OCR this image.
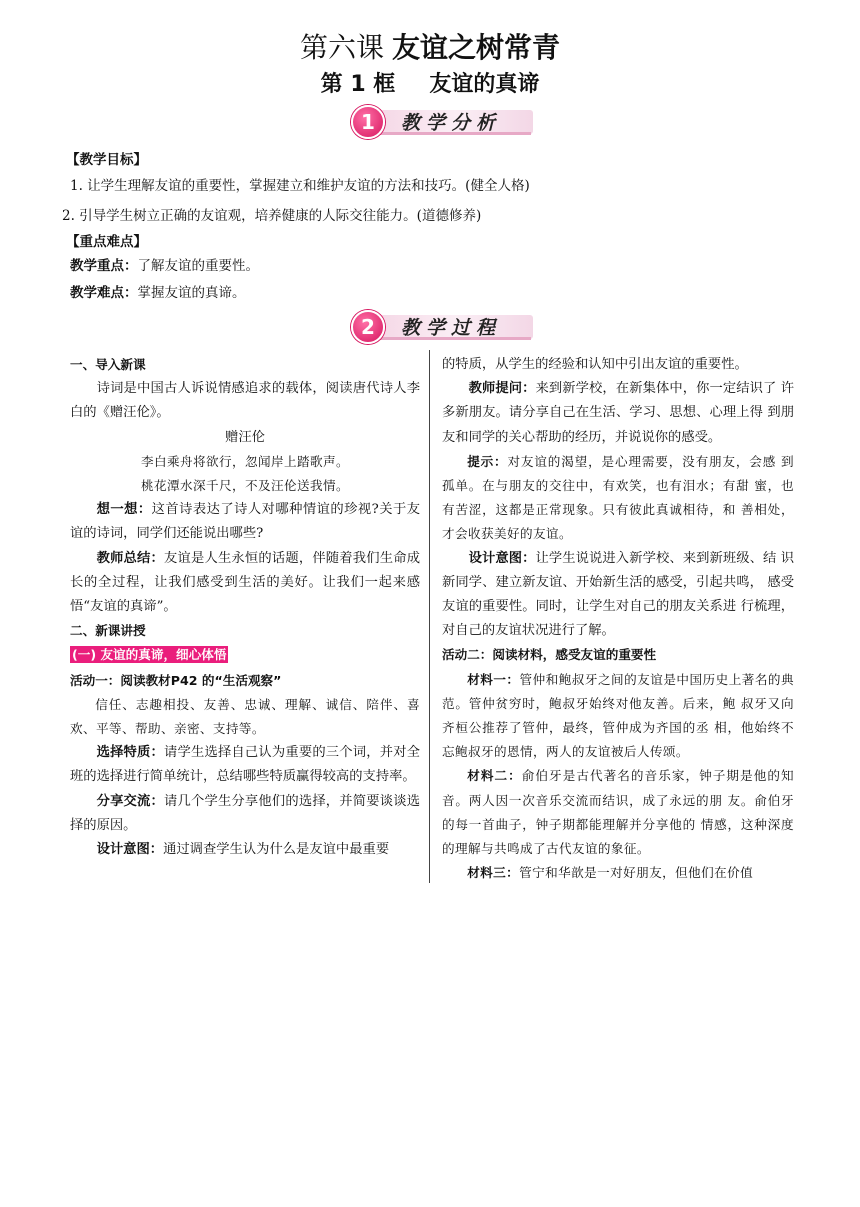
第六课 友谊之树常青
第 1 框 友谊的真谛
1	教学分析
【教学目标】
1. 让学生理解友谊的重要性，掌握建立和维护友谊的方法和技巧。(健全人格)
2. 引导学生树立正确的友谊观，培养健康的人际交往能力。(道德修养)
【重点难点】
教学重点：了解友谊的重要性。
教学难点：掌握友谊的真谛。
2	教学过程

一、导入新课

诗词是中国古人诉说情感追求的载体，阅读唐代诗人李白的《赠汪伦》。

赠汪伦

李白乘舟将欲行，忽闻岸上踏歌声。

桃花潭水深千尺，不及汪伦送我情。

想一想：这首诗表达了诗人对哪种情谊的珍视?关于友谊的诗词，同学们还能说出哪些?

教师总结：友谊是人生永恒的话题，伴随着我们生命成长的全过程，让我们感受到生活的美好。让我们一起来感悟“友谊的真谛”。

二、新课讲授

(一) 友谊的真谛，细心体悟

活动一：阅读教材P42 的“生活观察”

信任、志趣相投、友善、忠诚、理解、诚信、陪伴、喜 欢、平等、帮助、亲密、支持等。

选择特质：请学生选择自己认为重要的三个词，并对全班的选择进行简单统计，总结哪些特质赢得较高的支持率。

分享交流：请几个学生分享他们的选择，并简要谈谈选择的原因。

设计意图：通过调查学生认为什么是友谊中最重要

的特质，从学生的经验和认知中引出友谊的重要性。

教师提问：来到新学校，在新集体中，你一定结识了 许多新朋友。请分享自己在生活、学习、思想、心理上得 到朋友和同学的关心帮助的经历，并说说你的感受。

提示：对友谊的渴望，是心理需要，没有朋友，会感 到孤单。在与朋友的交往中，有欢笑，也有泪水；有甜 蜜，也有苦涩，这都是正常现象。只有彼此真诚相待，和 善相处，才会收获美好的友谊。

设计意图：让学生说说进入新学校、来到新班级、结 识新同学、建立新友谊、开始新生活的感受，引起共鸣， 感受友谊的重要性。同时，让学生对自己的朋友关系进 行梳理，对自己的友谊状况进行了解。

活动二：阅读材料，感受友谊的重要性

材料一：管仲和鲍叔牙之间的友谊是中国历史上著名的典范。管仲贫穷时，鲍叔牙始终对他友善。后来，鲍 叔牙又向齐桓公推荐了管仲，最终，管仲成为齐国的丞 相，他始终不忘鲍叔牙的恩情，两人的友谊被后人传颂。

材料二：俞伯牙是古代著名的音乐家，钟子期是他的知音。两人因一次音乐交流而结识，成了永远的朋 友。俞伯牙的每一首曲子，钟子期都能理解并分享他的 情感，这种深度的理解与共鸣成了古代友谊的象征。

材料三：管宁和华歆是一对好朋友，但他们在价值
